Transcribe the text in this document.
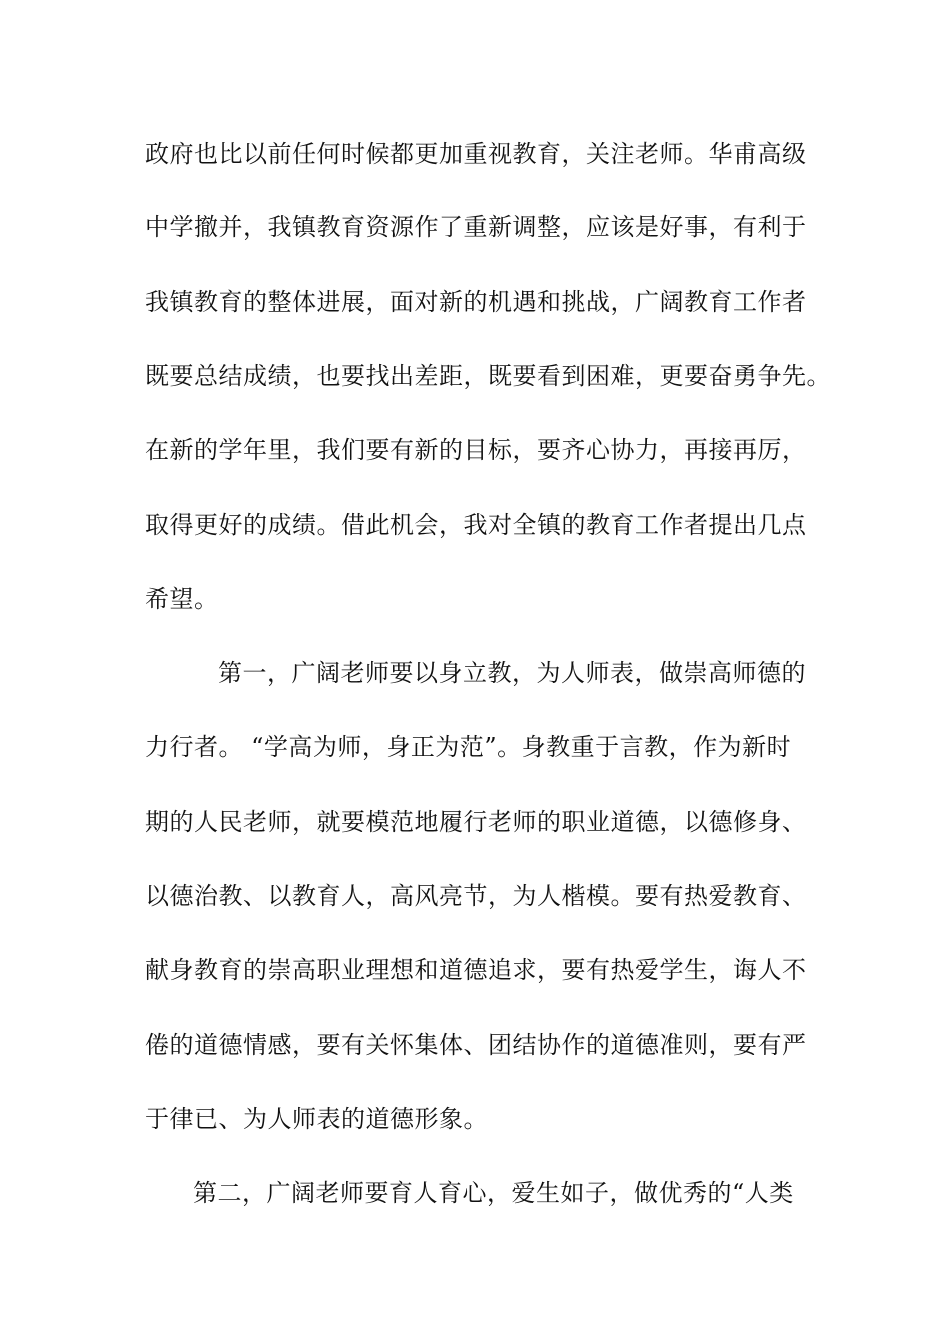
政府也比以前任何时候都更加重视教育，关注老师。华甫高级
中学撤并，我镇教育资源作了重新调整，应该是好事，有利于
我镇教育的整体进展，面对新的机遇和挑战，广阔教育工作者
既要总结成绩，也要找出差距，既要看到困难，更要奋勇争先。
在新的学年里，我们要有新的目标，要齐心协力，再接再厉，
取得更好的成绩。借此机会，我对全镇的教育工作者提出几点
希望。
第一，广阔老师要以身立教，为人师表，做崇高师德的
力行者。 “学高为师，身正为范”。身教重于言教，作为新时
期的人民老师，就要模范地履行老师的职业道德，以德修身、
以德治教、以教育人，高风亮节，为人楷模。要有热爱教育、
献身教育的崇高职业理想和道德追求，要有热爱学生，诲人不
倦的道德情感，要有关怀集体、团结协作的道德准则，要有严
于律已、为人师表的道德形象。
第二，广阔老师要育人育心，爱生如子，做优秀的“人类
